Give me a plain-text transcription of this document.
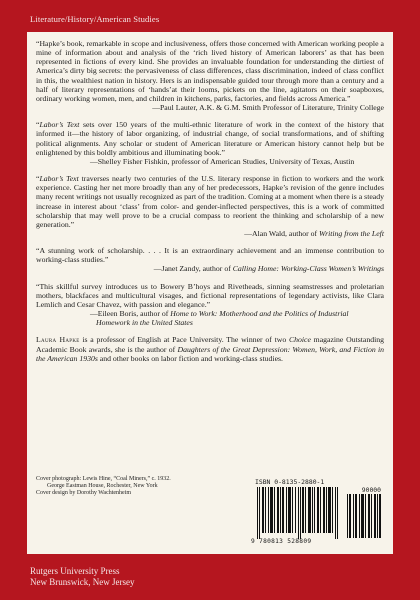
Literature/History/American Studies

“Hapke’s book, remarkable in scope and inclusiveness, offers those concerned with American working people a mine of information about and analysis of the ‘rich lived history of American laborers’ as that has been represented in fictions of every kind. She provides an invaluable foundation for understanding the dirtiest of America’s dirty big secrets: the pervasiveness of class differences, class discrimination, indeed of class conflict in this, the wealthiest nation in history. Hers is an indispensable guided tour through more than a century and a half of literary representations of ‘hands’at their looms, pickets on the line, agitators on their soapboxes, ordinary working women, men, and children in kitchens, parks, factories, and fields across America.”

—Paul Lauter, A.K. & G.M. Smith Professor of Literature, Trinity College

“Labor’s Text sets over 150 years of the multi-ethnic literature of work in the context of the history that informed it—the history of labor organizing, of industrial change, of social transformations, and of shifting political alignments. Any scholar or student of American literature or American history cannot help but be enlightened by this boldly ambitious and illuminating book.”

—Shelley Fisher Fishkin, professor of American Studies, University of Texas, Austin

“Labor’s Text traverses nearly two centuries of the U.S. literary response in fiction to workers and the work experience. Casting her net more broadly than any of her predecessors, Hapke’s revision of the genre includes many recent writings not usually recognized as part of the tradition. Coming at a moment when there is a steady increase in interest about ‘class’ from color- and gender-inflected perspectives, this is a work of committed scholarship that may well prove to be a crucial compass to reorient the thinking and scholarship of a new generation.”

—Alan Wald, author of Writing from the Left

“A stunning work of scholarship. . . . It is an extraordinary achievement and an immense contribution to working-class studies.”

—Janet Zandy, author of Calling Home: Working-Class Women’s Writings

“This skillful survey introduces us to Bowery B’hoys and Rivetheads, sinning seamstresses and proletarian mothers, blackfaces and multicultural visages, and fictional representations of legendary activists, like Clara Lemlich and Cesar Chavez, with passion and elegance.”

—Eileen Boris, author of Home to Work: Motherhood and the Politics of Industrial Homework in the United States

Laura Hapke is a professor of English at Pace University. The winner of two Choice magazine Outstanding Academic Book awards, she is the author of Daughters of the Great Depression: Women, Work, and Fiction in the American 1930s and other books on labor fiction and working-class studies.

Cover photograph: Lewis Hine, “Coal Miners,” c. 1932.
George Eastman House, Rochester, New York
Cover design by Dorothy Wachtenheim
ISBN 0-8135-2880-1
90000
9 780813 528809
Rutgers University Press
New Brunswick, New Jersey
